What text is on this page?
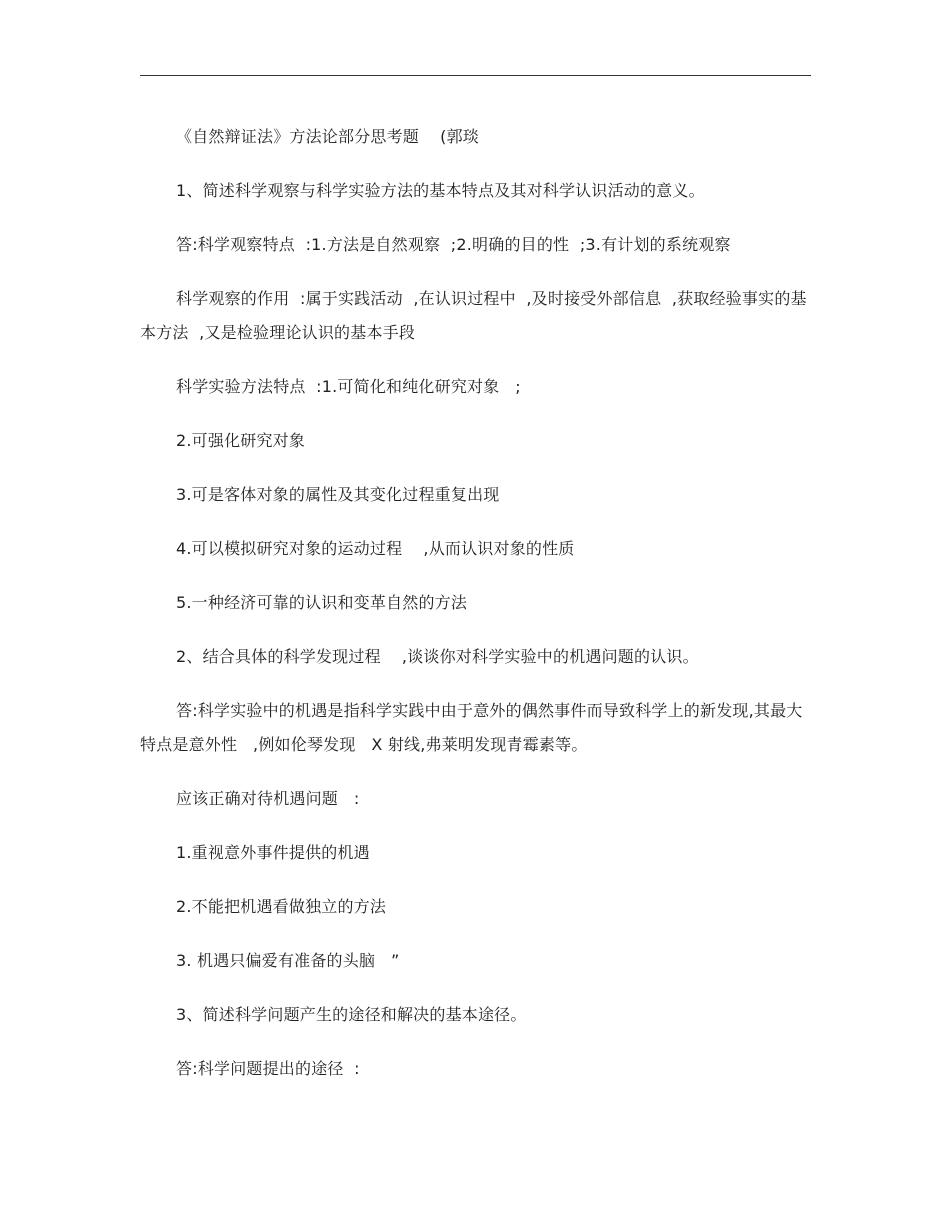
《自然辩证法》方法论部分思考题    (郭琰

1、简述科学观察与科学实验方法的基本特点及其对科学认识活动的意义。

答:科学观察特点  :1.方法是自然观察  ;2.明确的目的性  ;3.有计划的系统观察

科学观察的作用  :属于实践活动  ,在认识过程中  ,及时接受外部信息  ,获取经验事实的基本方法  ,又是检验理论认识的基本手段

科学实验方法特点  :1.可简化和纯化研究对象   ;

2.可强化研究对象

3.可是客体对象的属性及其变化过程重复出现

4.可以模拟研究对象的运动过程    ,从而认识对象的性质

5.一种经济可靠的认识和变革自然的方法

2、结合具体的科学发现过程    ,谈谈你对科学实验中的机遇问题的认识。

答:科学实验中的机遇是指科学实践中由于意外的偶然事件而导致科学上的新发现,其最大特点是意外性   ,例如伦琴发现   X 射线,弗莱明发现青霉素等。

应该正确对待机遇问题   :

1.重视意外事件提供的机遇

2.不能把机遇看做独立的方法

3. 机遇只偏爱有准备的头脑   ”

3、简述科学问题产生的途径和解决的基本途径。

答:科学问题提出的途径  :
